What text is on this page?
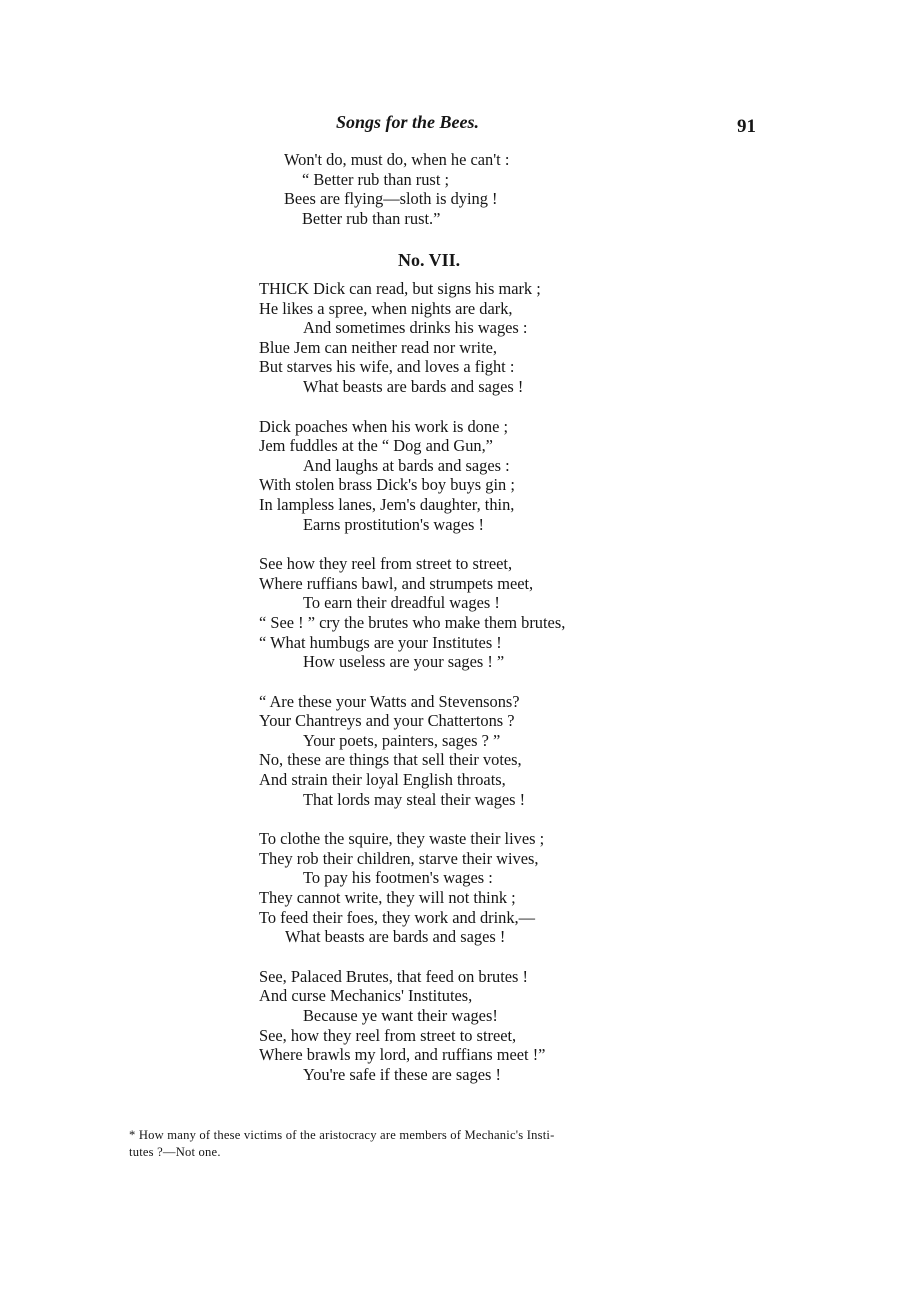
Songs for the Bees.	91
Won't do, must do, when he can't :
“ Better rub than rust ;
Bees are flying—sloth is dying !
Better rub than rust.”
No. VII.
THICK Dick can read, but signs his mark ;
He likes a spree, when nights are dark,
And sometimes drinks his wages :
Blue Jem can neither read nor write,
But starves his wife, and loves a fight :
What beasts are bards and sages !
Dick poaches when his work is done ;
Jem fuddles at the “ Dog and Gun,”
And laughs at bards and sages :
With stolen brass Dick's boy buys gin ;
In lampless lanes, Jem's daughter, thin,
Earns prostitution's wages !
See how they reel from street to street,
Where ruffians bawl, and strumpets meet,
To earn their dreadful wages !
“ See ! ” cry the brutes who make them brutes,
“ What humbugs are your Institutes !
How useless are your sages ! ”
“ Are these your Watts and Stevensons?
Your Chantreys and your Chattertons ?
Your poets, painters, sages ? ”
No, these are things that sell their votes,
And strain their loyal English throats,
That lords may steal their wages !
To clothe the squire, they waste their lives ;
They rob their children, starve their wives,
To pay his footmen's wages :
They cannot write, they will not think ;
To feed their foes, they work and drink,—
What beasts are bards and sages !
See, Palaced Brutes, that feed on brutes !
And curse Mechanics' Institutes,
Because ye want their wages!
See, how they reel from street to street,
Where brawls my lord, and ruffians meet !”
You're safe if these are sages !
* How many of these victims of the aristocracy are members of Mechanic's Insti-
tutes ?—Not one.
